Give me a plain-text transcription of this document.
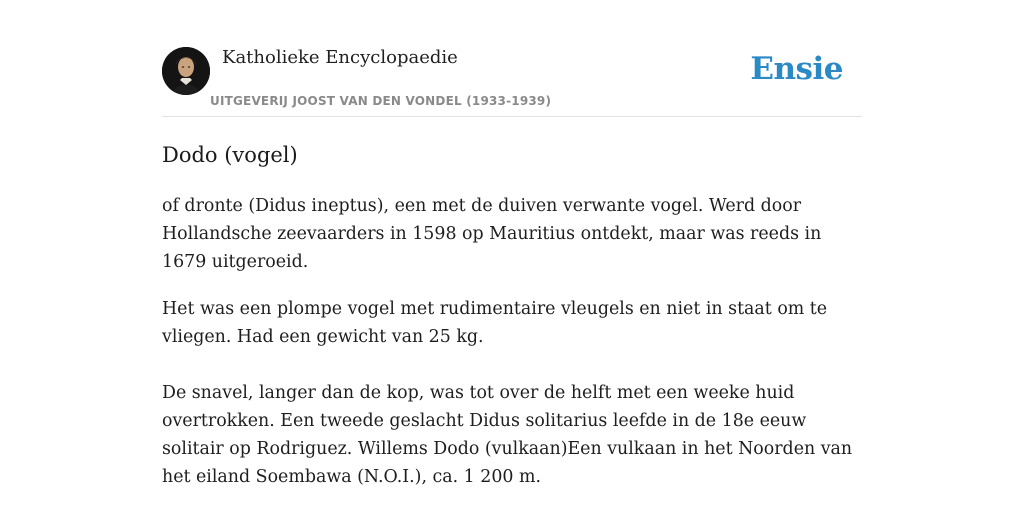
Katholieke Encyclopaedie
UITGEVERIJ JOOST VAN DEN VONDEL (1933-1939)
Ensie
Dodo (vogel)

of dronte (Didus ineptus), een met de duiven verwante vogel. Werd door Hollandsche zeevaarders in 1598 op Mauritius ontdekt, maar was reeds in 1679 uitgeroeid.

Het was een plompe vogel met rudimentaire vleugels en niet in staat om te vliegen. Had een gewicht van 25 kg.

De snavel, langer dan de kop, was tot over de helft met een weeke huid overtrokken. Een tweede geslacht Didus solitarius leefde in de 18e eeuw solitair op Rodriguez. Willems Dodo (vulkaan)Een vulkaan in het Noorden van het eiland Soembawa (N.O.I.), ca. 1 200 m.
